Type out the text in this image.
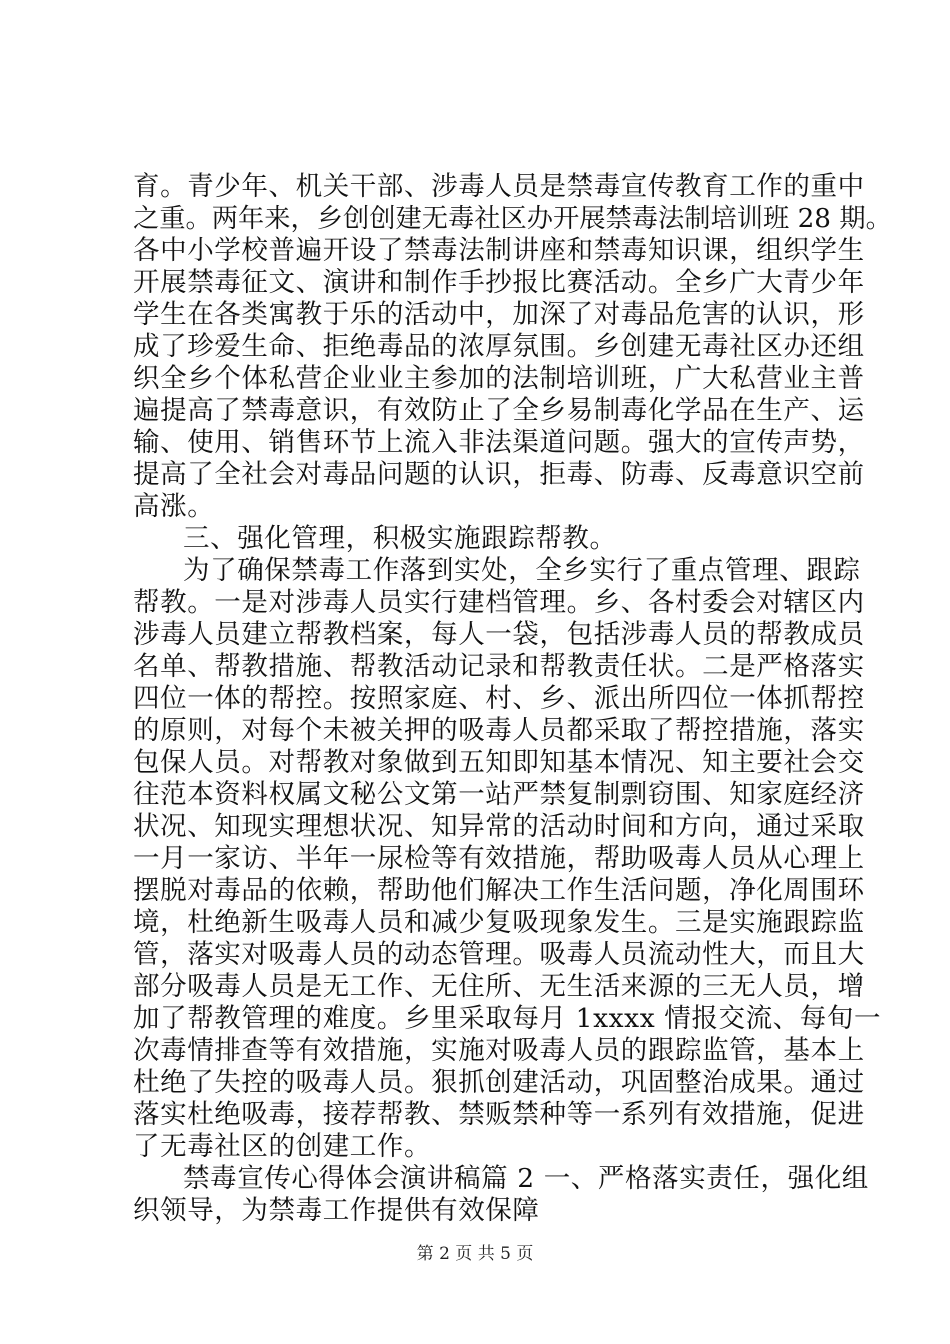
育。青少年、机关干部、涉毒人员是禁毒宣传教育工作的重中
之重。两年来，乡创创建无毒社区办开展禁毒法制培训班 28 期。
各中小学校普遍开设了禁毒法制讲座和禁毒知识课，组织学生
开展禁毒征文、演讲和制作手抄报比赛活动。全乡广大青少年
学生在各类寓教于乐的活动中，加深了对毒品危害的认识，形
成了珍爱生命、拒绝毒品的浓厚氛围。乡创建无毒社区办还组
织全乡个体私营企业业主参加的法制培训班，广大私营业主普
遍提高了禁毒意识，有效防止了全乡易制毒化学品在生产、运
输、使用、销售环节上流入非法渠道问题。强大的宣传声势，
提高了全社会对毒品问题的认识，拒毒、防毒、反毒意识空前
高涨。
三、强化管理，积极实施跟踪帮教。
为了确保禁毒工作落到实处，全乡实行了重点管理、跟踪
帮教。一是对涉毒人员实行建档管理。乡、各村委会对辖区内
涉毒人员建立帮教档案，每人一袋，包括涉毒人员的帮教成员
名单、帮教措施、帮教活动记录和帮教责任状。二是严格落实
四位一体的帮控。按照家庭、村、乡、派出所四位一体抓帮控
的原则，对每个未被关押的吸毒人员都采取了帮控措施，落实
包保人员。对帮教对象做到五知即知基本情况、知主要社会交
往范本资料权属文秘公文第一站严禁复制剽窃围、知家庭经济
状况、知现实理想状况、知异常的活动时间和方向，通过采取
一月一家访、半年一尿检等有效措施，帮助吸毒人员从心理上
摆脱对毒品的依赖，帮助他们解决工作生活问题，净化周围环
境，杜绝新生吸毒人员和减少复吸现象发生。三是实施跟踪监
管，落实对吸毒人员的动态管理。吸毒人员流动性大，而且大
部分吸毒人员是无工作、无住所、无生活来源的三无人员，增
加了帮教管理的难度。乡里采取每月 1xxxx 情报交流、每旬一
次毒情排查等有效措施，实施对吸毒人员的跟踪监管，基本上
杜绝了失控的吸毒人员。狠抓创建活动，巩固整治成果。通过
落实杜绝吸毒，接荐帮教、禁贩禁种等一系列有效措施，促进
了无毒社区的创建工作。
禁毒宣传心得体会演讲稿篇 2 一、严格落实责任，强化组
织领导，为禁毒工作提供有效保障
第 2 页 共 5 页
